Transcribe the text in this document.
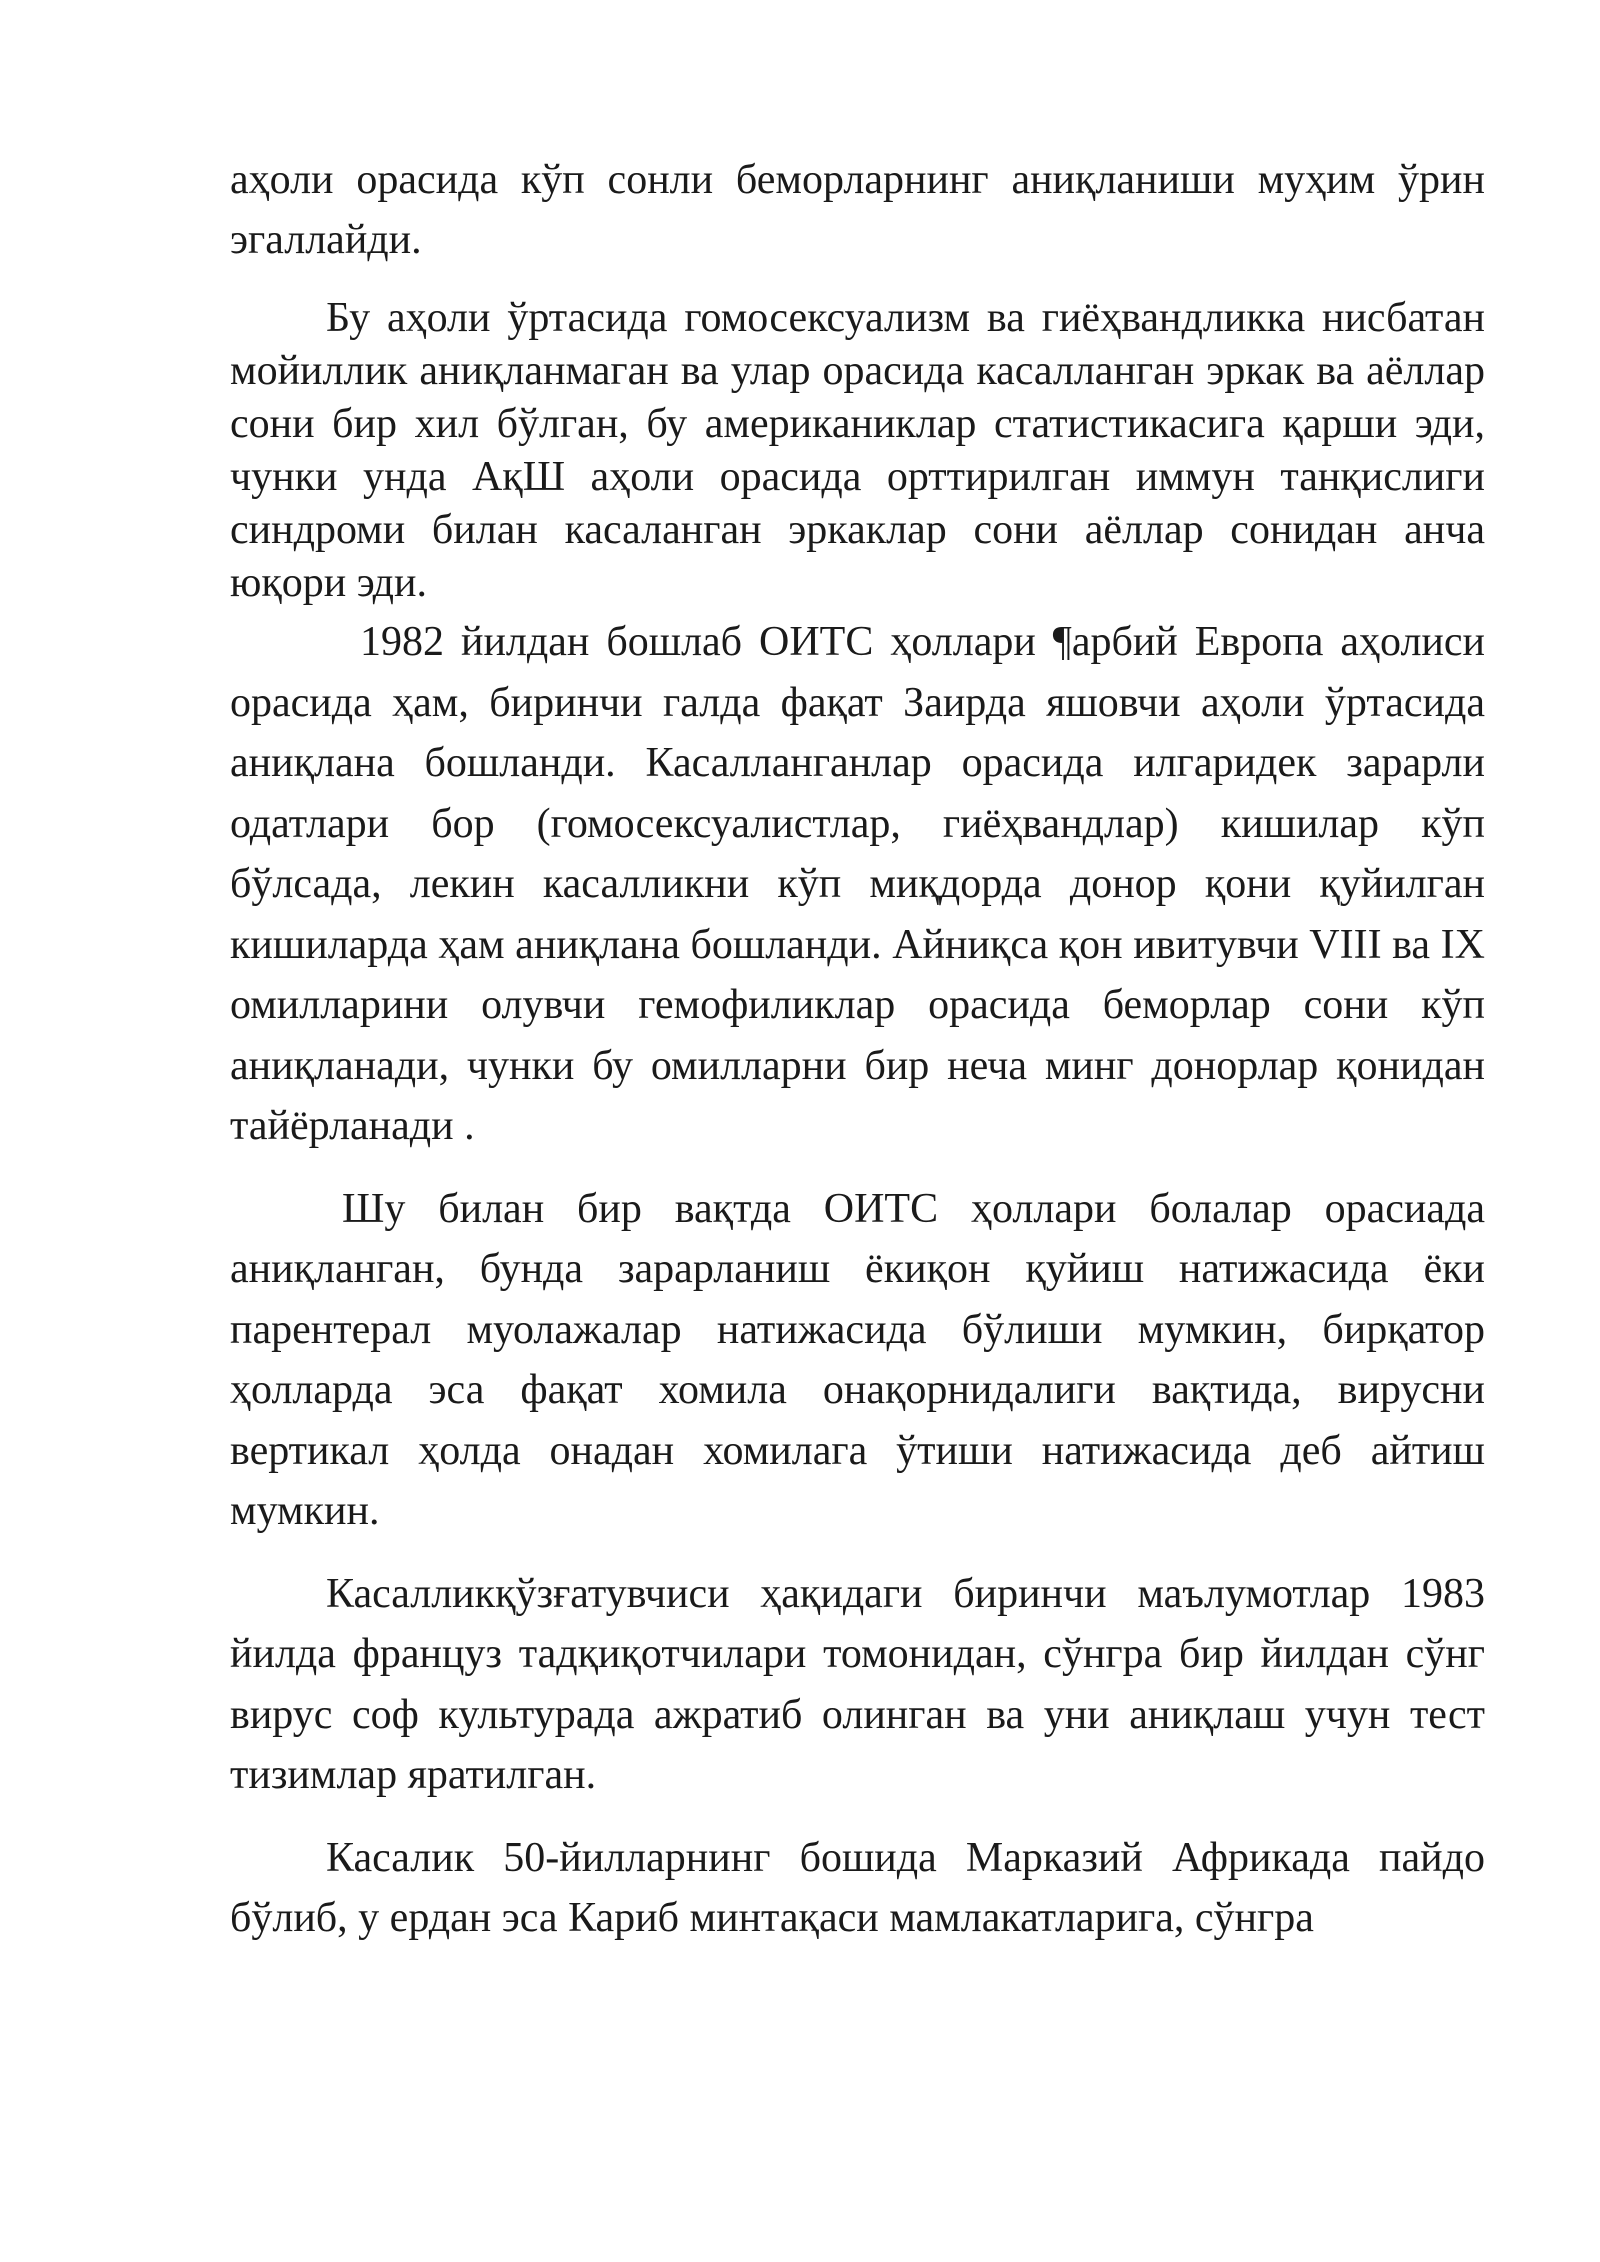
аҳоли орасида кўп сонли беморларнинг аниқланиши муҳим ўрин эгаллайди.

Бу аҳоли ўртасида гомосексуализм ва гиёҳвандликка нисбатан мойиллик аниқланмаган ва улар орасида касалланган эркак ва аёллар сони бир хил бўлган, бу американиклар статистикасига қарши эди, чунки унда АқШ аҳоли орасида орттирилган иммун танқислиги синдроми билан касаланган эркаклар сони аёллар сонидан анча юқори эди.

1982 йилдан бошлаб ОИТС ҳоллари ¶арбий Европа аҳолиси орасида ҳам, биринчи галда фақат Заирда яшовчи аҳоли ўртасида аниқлана бошланди. Касалланганлар орасида илгаридек зарарли одатлари бор (гомосексуалистлар, гиёҳвандлар) кишилар кўп бўлсада, лекин касалликни кўп миқдорда донор қони қуйилган кишиларда ҳам аниқлана бошланди. Айниқса қон ивитувчи VIII ва IX омилларини олувчи гемофиликлар орасида беморлар сони кўп аниқланади, чунки бу омилларни бир неча минг донорлар қонидан тайёрланади .

Шу билан бир вақтда ОИТС ҳоллари болалар орасиада аниқланган, бунда зарарланиш ёкиқон қуйиш натижасида ёки парентерал муолажалар натижасида бўлиши мумкин, бирқатор ҳолларда эса фақат хомила онақорнидалиги вақтида, вирусни вертикал ҳолда онадан хомилага ўтиши натижасида деб айтиш мумкин.

Касалликқўзғатувчиси ҳақидаги биринчи маълумотлар 1983 йилда француз тадқиқотчилари томонидан, сўнгра бир йилдан сўнг вирус соф культурада ажратиб олинган ва уни аниқлаш учун тест тизимлар яратилган.

Касалик 50-йилларнинг бошида Марказий Африкада пайдо бўлиб, у ердан эса Кариб минтақаси мамлакатларига, сўнгра
